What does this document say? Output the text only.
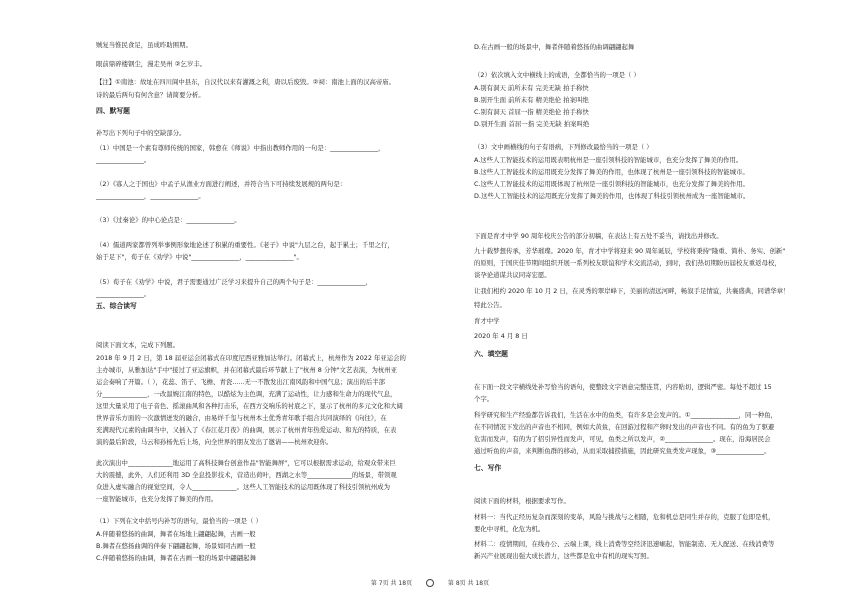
贼复当惟民食足，虽成昨助围期。
眼前鼎碎楼钢尘，漫走吴州 ②乞岁丰。
【注】①南池：故址在四川阆中县东，自汉代以来有灌溉之利，唐以后废毁。②祠：南池上面的汉高帝庙。
诗的最后两句有何含意？请简要分析。
四、默写题
补写出下列句子中的空缺部分。
（1）中国是一个素有尊师传统的国家，韩愈在《师说》中指出教师作用的一句是：_______________，
_______________。
（2）《寡人之于国也》中孟子从渔业方面进行阐述，并符合当下可持续发展规的两句是：
_______________，_______________。
（3）《过秦论》的中心论点是：_______________。
（4）儒道两家都曾列举事例形象地论述了积累的重要性。《老子》中说"九层之台，起于累土；千里之行，
始于足下"，荀子在《劝学》中说"_______________，_______________"。
（5）荀子在《劝学》中说，君子需要通过广泛学习来提升自己的两个句子是：_______________，
_______________。
五、综合读写
阅读下面文本，完成下列题。
2018 年 9 月 2 日，第 18 届亚运会闭幕式在印度尼西亚雅加达举行。闭幕式上，杭州作为 2022 年亚运会的
主办城市，从雅加达"手中"接过了亚运旗帜，并在闭幕式最后环节献上了"杭州 8 分钟"文艺表演，为杭州亚
运会奏响了开篇。（ ），花蕊、笛子、飞檐、青瓷......无一不散发出江南风韵和中国气息；演出的后半部
分______________，一改温婉江南的特色，以酷炫为主色调，充满了运动性，让力感和生命力的现代气息，
这里大量采用了电子音色、摇滚曲风和各种打击乐，在西方交响乐的衬底之下，显示了杭州的多元文化和大阔
世界音乐方面的一次激情迸发的融合，由易烊千玺与杭州本土优秀青年歌手组合共同演绎的《向往》，在
充满现代元素的曲调当中，又插入了《春江花月夜》的曲调，展示了杭州青年热爱运动、和光的特质，在表
演的最后阶段，马云和孙杨先后上场，向全世界的朋友发出了邀请——杭州欢迎你。
此次演出中______________地运用了高科技舞台创意作品"智能舞屏"，它可以根据需求运动，给观众带来巨
大的震撼，此外，人们还利用 3D 全息投影技术，营造出荷叶，西湖之水等______________的场景，带领观
众进入虚实融合的视觉空间，令人______________。这些人工智能技术的运用既体现了科技引领杭州成为
一座智能城市，也充分发挥了舞美的作用。
（1）下列在文中括号内补写的语句，最恰当的一项是（ ）
A.伴随着悠扬的曲调，舞者在场地上翩翩起舞，古画一般
B.舞者在悠扬曲调的伴奏下翩翩起舞，场景如同古画一般
C.伴随着悠扬的曲调，舞者在古画一般的场景中翩翩起舞
D.在古画一般的场景中，舞者伴随着悠扬的曲调翩翩起舞
（2）依次填入文中横线上的成语，全都恰当的一项是（ ）
A.别有洞天 前所未有 完美无缺 拍手称快
B.别开生面 前所未有 精美绝伦 拍案叫绝
C.别有洞天 首屈一指 精美绝伦 拍手称快
D.别开生面 首屈一指 完美无缺 拍案叫绝
（3）文中画横线的句子有语病，下列修改最恰当的一项是（ ）
A.这些人工智能技术的运用既表明杭州是一座引领科技的智能城市，也充分发挥了舞美的作用。
B.这些人工智能技术的运用既充分发挥了舞美的作用，也体现了杭州是一座引领科技的智能城市。
C.这些人工智能技术的运用既体现了杭州是一座引领科技的智能城市，也充分发挥了舞美的作用。
D.这些人工智能技术的运用既充分发挥了舞美的作用，也体现了科技引领杭州成为一座智能城市。
下面是育才中学 90 周年校庆公告的部分初稿，在表达上有五处不妥当，请找出并修改。
九十载梦想传承，芳华璀璨。2020 年，育才中学将迎来 90 周年诞辰，学校将秉持"隆重、简朴、务实、创新"
的原则，于国庆佳节期间组织开展一系列校友联谊和学术交流活动，到时，我们热切期盼历届校友重返母校，
谈孕论道谋共议同寄宏愿。
让我们相约 2020 年 10 月 2 日，在灵秀的翠岸峰下，美丽的清远河畔，畅叙手足情谊，共襄盛典，同谱华章！
特此公告。
育才中学
2020 年 4 月 8 日
六、填空题
在下面一段文字横线处补写恰当的语句，使整段文字语意完整连贯，内容贴切，逻辑严密。每处不超过 15
个字。
科学研究和生产经验都告诉我们，生活在水中的鱼类，有许多是会发声的。①_______________，同一种鱼，
在不同情况下发出的声音也不相同，例如大黄鱼，在回游过程和产卵时发出的声音也不同。有的鱼为了驱避
危害而发声，有的为了招引异性而发声，可见，鱼类之所以发声，②_______________。现在，沿海居民会
通过听鱼的声音，来判断鱼群的移动，从而采取捕捞措施，因此研究鱼类发声现象，③_______________。
七、写作
阅读下面的材料，根据要求写作。
材料一：当代正经历复杂而深刻的变革，风险与挑战与之相随，危和机总是同生并存的，克服了危即是机，
要化中寻机，化危为机。
材料二：疫情期间，在线办公、云端上课，线上消费等空经济迅速崛起，智能制造、无人配送、在线消费等
新兴产业展现出强大成长潜力，这些都是危中有机的现实写照。
第 7页 共 18页	第 8页 共 18页
